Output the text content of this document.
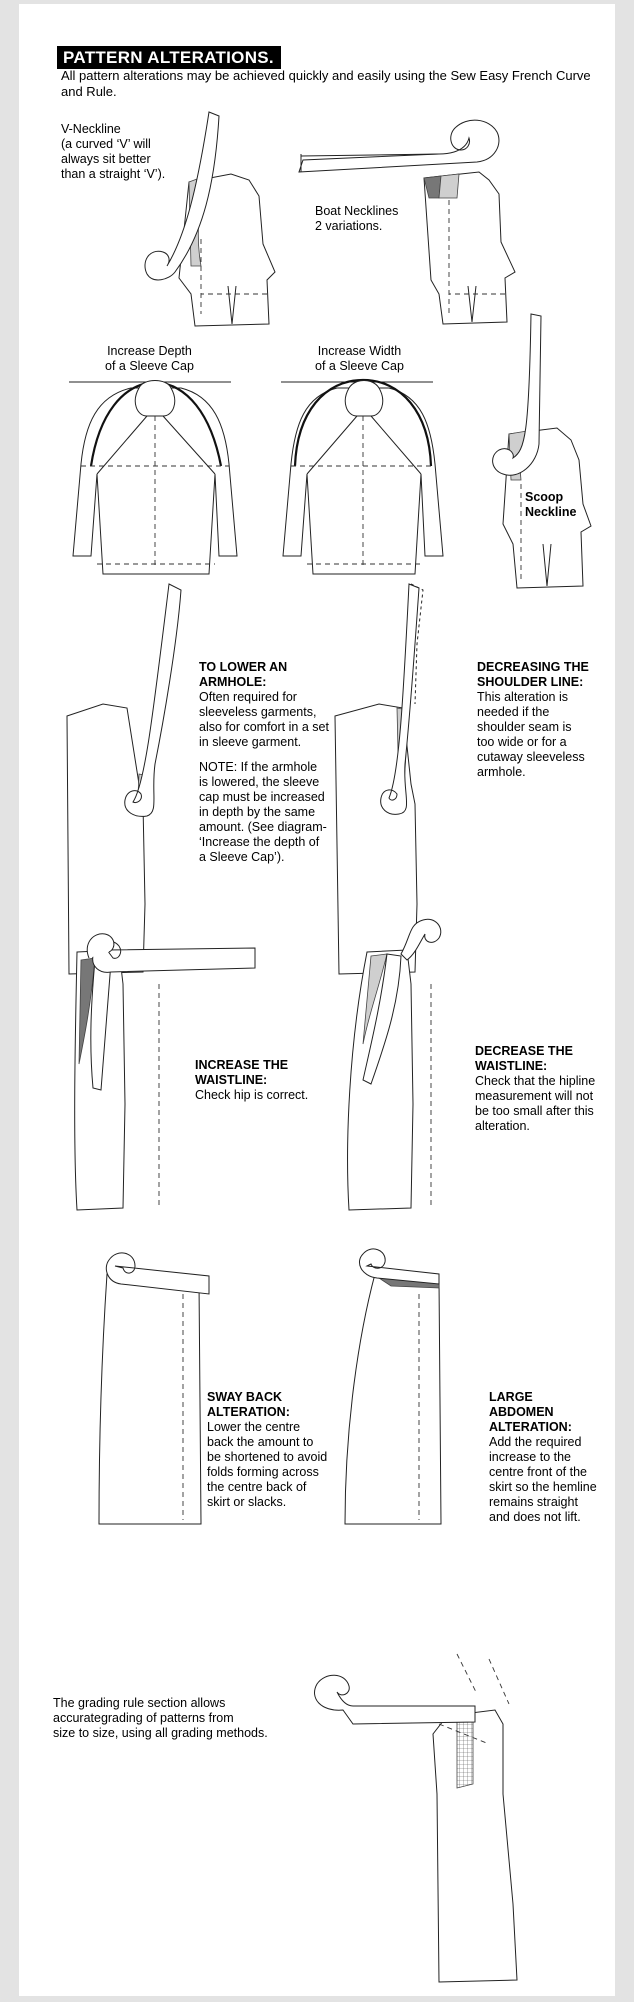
PATTERN ALTERATIONS.
All pattern alterations may be achieved quickly and easily using the Sew Easy French Curve and Rule.
V-Neckline
(a curved ‘V’ will
always sit better
than a straight ‘V’).
Boat Necklines
2 variations.
Increase Depth
of a Sleeve Cap
Increase Width
of a Sleeve Cap
Scoop
Neckline
TO LOWER AN
ARMHOLE:
Often required for
sleeveless garments,
also for comfort in a set
in sleeve garment.
NOTE: If the armhole
is lowered, the sleeve
cap must be increased
in depth by the same
amount. (See diagram-
‘Increase the depth of
a Sleeve Cap’).
DECREASING THE
SHOULDER LINE:
This alteration is
needed if the
shoulder seam is
too wide or for a
cutaway sleeveless
armhole.
INCREASE THE
WAISTLINE:
Check hip is correct.
DECREASE THE
WAISTLINE:
Check that the hipline
measurement will not
be too small after this
alteration.
SWAY BACK
ALTERATION:
Lower the centre
back the amount to
be shortened to avoid
folds forming across
the centre back of
skirt or slacks.
LARGE
ABDOMEN
ALTERATION:
Add the required
increase to the
centre front of the
skirt so the hemline
remains straight
and does not lift.
The grading rule section allows
accurategrading of patterns from
size to size, using all grading methods.
